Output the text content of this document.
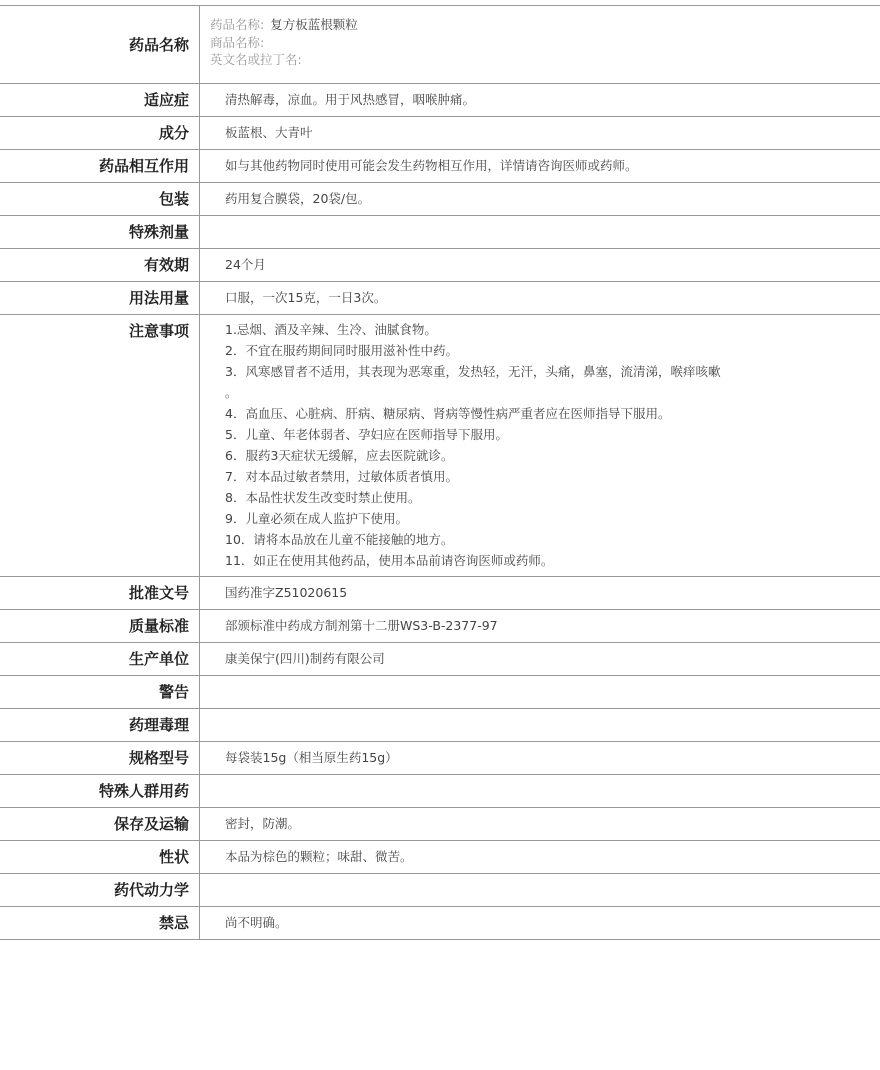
药品名称
药品名称: 复方板蓝根颗粒
商品名称:
英文名或拉丁名:
适应症	清热解毒，凉血。用于风热感冒，咽喉肿痛。
成分	板蓝根、大青叶
药品相互作用	如与其他药物同时使用可能会发生药物相互作用，详情请咨询医师或药师。
包装	药用复合膜袋，20袋/包。
特殊剂量
有效期	24个月
用法用量	口服，一次15克，一日3次。
注意事项	1.忌烟、酒及辛辣、生冷、油腻食物。
2．不宜在服药期间同时服用滋补性中药。
3．风寒感冒者不适用，其表现为恶寒重，发热轻，无汗，头痛，鼻塞，流清涕，喉痒咳嗽
。
4．高血压、心脏病、肝病、糖尿病、肾病等慢性病严重者应在医师指导下服用。
5．儿童、年老体弱者、孕妇应在医师指导下服用。
6．服药3天症状无缓解，应去医院就诊。
7．对本品过敏者禁用，过敏体质者慎用。
8．本品性状发生改变时禁止使用。
9．儿童必须在成人监护下使用。
10．请将本品放在儿童不能接触的地方。
11．如正在使用其他药品，使用本品前请咨询医师或药师。
批准文号	国药准字Z51020615
质量标准	部颁标准中药成方制剂第十二册WS3-B-2377-97
生产单位	康美保宁(四川)制药有限公司
警告
药理毒理
规格型号	每袋装15g（相当原生药15g）
特殊人群用药
保存及运输	密封，防潮。
性状	本品为棕色的颗粒；味甜、微苦。
药代动力学
禁忌	尚不明确。
